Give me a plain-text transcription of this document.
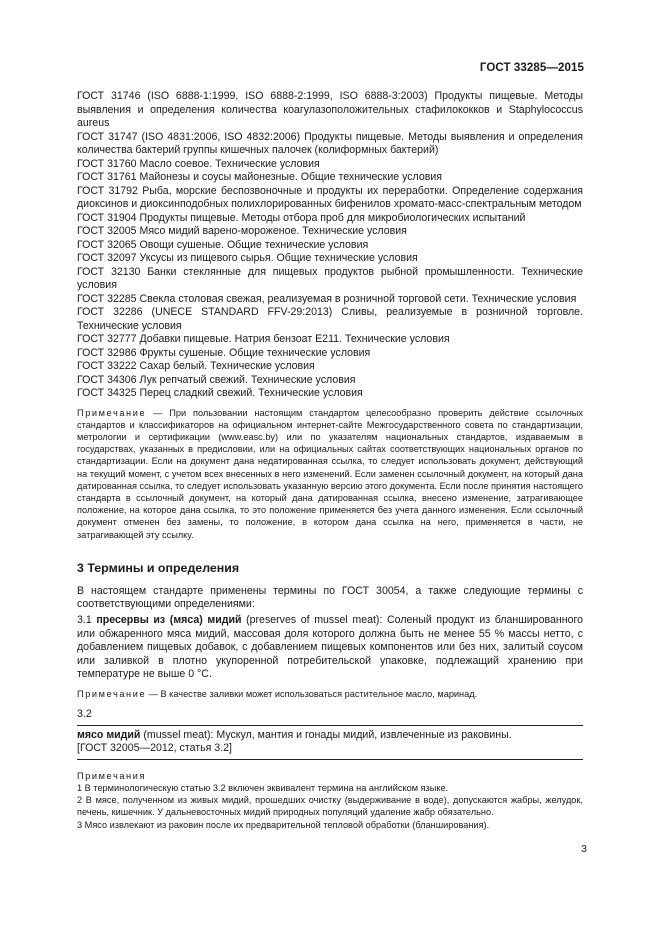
ГОСТ 33285—2015

ГОСТ 31746 (ISO 6888-1:1999, ISO 6888-2:1999, ISO 6888-3:2003) Продукты пищевые. Методы выявления и определения количества коагулазоположительных стафилококков и Staphylococcus aureus

ГОСТ 31747 (ISO 4831:2006, ISO 4832:2006) Продукты пищевые. Методы выявления и определения количества бактерий группы кишечных палочек (колиформных бактерий)

ГОСТ 31760 Масло соевое. Технические условия

ГОСТ 31761 Майонезы и соусы майонезные. Общие технические условия

ГОСТ 31792 Рыба, морские беспозвоночные и продукты их переработки. Определение содержания диоксинов и диоксинподобных полихлорированных бифенилов хромато-масс-спектральным методом

ГОСТ 31904 Продукты пищевые. Методы отбора проб для микробиологических испытаний

ГОСТ 32005 Мясо мидий варено-мороженое. Технические условия

ГОСТ 32065 Овощи сушеные. Общие технические условия

ГОСТ 32097 Уксусы из пищевого сырья. Общие технические условия

ГОСТ 32130 Банки стеклянные для пищевых продуктов рыбной промышленности. Технические условия

ГОСТ 32285 Свекла столовая свежая, реализуемая в розничной торговой сети. Технические условия

ГОСТ 32286 (UNECE STANDARD FFV-29:2013) Сливы, реализуемые в розничной торговле. Технические условия

ГОСТ 32777 Добавки пищевые. Натрия бензоат Е211. Технические условия

ГОСТ 32986 Фрукты сушеные. Общие технические условия

ГОСТ 33222 Сахар белый. Технические условия

ГОСТ 34306 Лук репчатый свежий. Технические условия

ГОСТ 34325 Перец сладкий свежий. Технические условия

Примечание — При пользовании настоящим стандартом целесообразно проверить действие ссылочных стандартов и классификаторов на официальном интернет-сайте Межгосударственного совета по стандартизации, метрологии и сертификации (www.easc.by) или по указателям национальных стандартов, издаваемым в государствах, указанных в предисловии, или на официальных сайтах соответствующих национальных органов по стандартизации. Если на документ дана недатированная ссылка, то следует использовать документ, действующий на текущий момент, с учетом всех внесенных в него изменений. Если заменен ссылочный документ, на который дана датированная ссылка, то следует использовать указанную версию этого документа. Если после принятия настоящего стандарта в ссылочный документ, на который дана датированная ссылка, внесено изменение, затрагивающее положение, на которое дана ссылка, то это положение применяется без учета данного изменения. Если ссылочный документ отменен без замены, то положение, в котором дана ссылка на него, применяется в части, не затрагивающей эту ссылку.

3 Термины и определения

В настоящем стандарте применены термины по ГОСТ 30054, а также следующие термины с соответствующими определениями:

3.1 пресервы из (мяса) мидий (preserves of mussel meat): Соленый продукт из бланшированного или обжаренного мяса мидий, массовая доля которого должна быть не менее 55 % массы нетто, с добавлением пищевых добавок, с добавлением пищевых компонентов или без них, залитый соусом или заливкой в плотно укупоренной потребительской упаковке, подлежащий хранению при температуре не выше 0 °С.

Примечание — В качестве заливки может использоваться растительное масло, маринад.

3.2

мясо мидий (mussel meat): Мускул, мантия и гонады мидий, извлеченные из раковины.
[ГОСТ 32005—2012, статья 3.2]
Примечания
1 В терминологическую статью 3.2 включен эквивалент термина на английском языке.
2 В мясе, полученном из живых мидий, прошедших очистку (выдерживание в воде), допускаются жабры, желудок, печень, кишечник. У дальневосточных мидий природных популяций удаление жабр обязательно.
3 Мясо извлекают из раковин после их предварительной тепловой обработки (бланширования).
3
